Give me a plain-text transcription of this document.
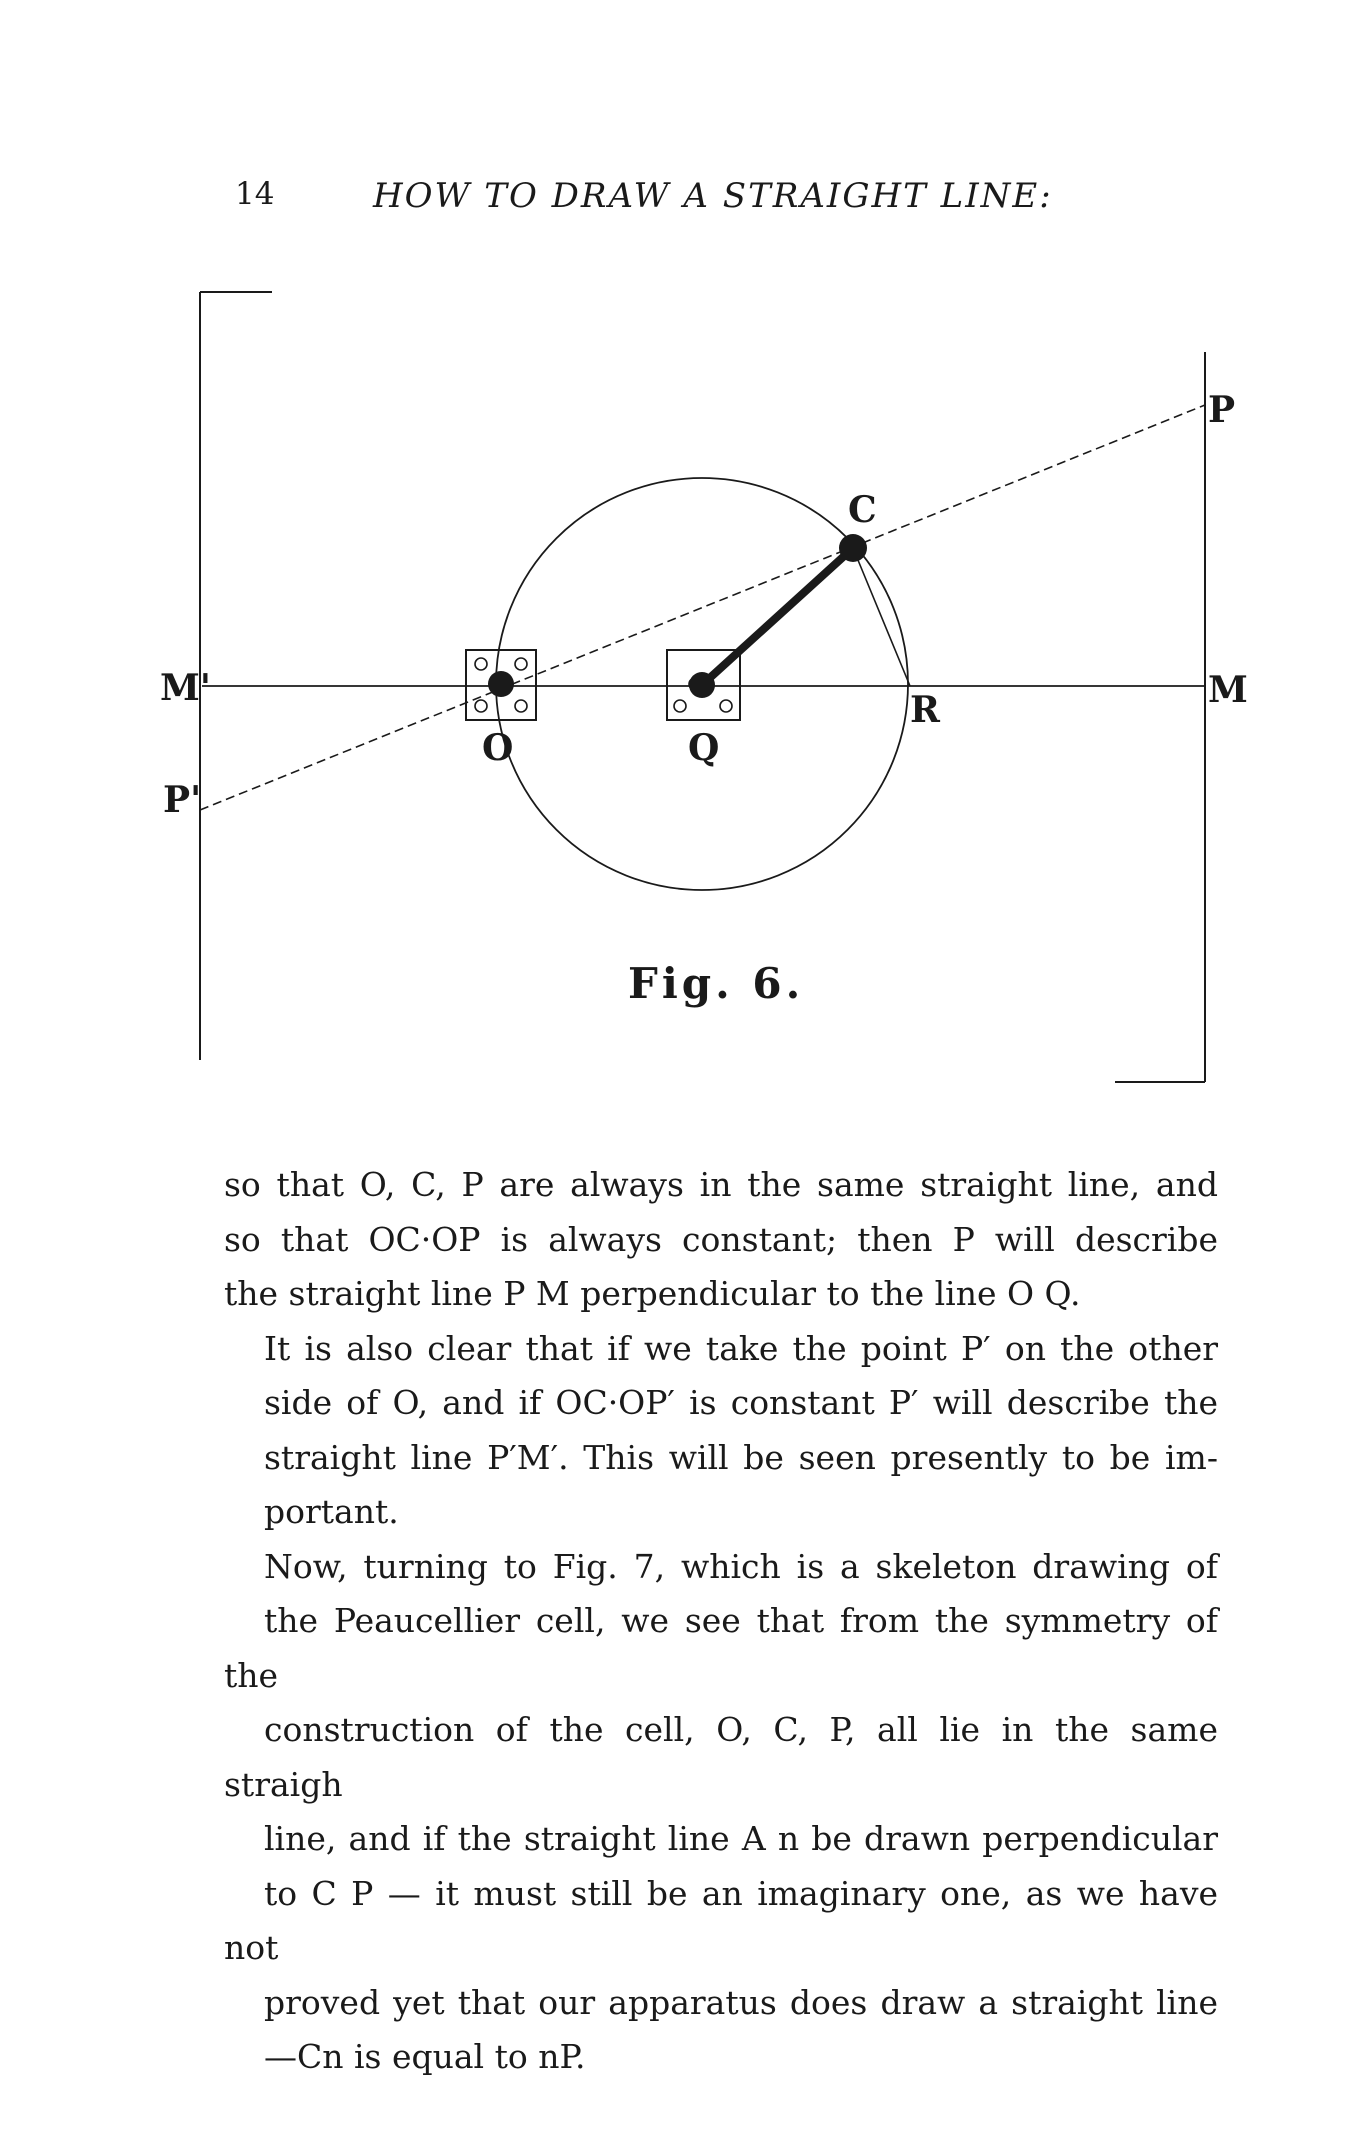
14	HOW TO DRAW A STRAIGHT LINE:
M'
P'
O	Q
C
R	M
P
Fig. 6.

so that O, C, P are always in the same straight line, and
so that OC·OP is always constant; then P will describe
the straight line P M perpendicular to the line O Q.

It is also clear that if we take the point P′ on the other
side of O, and if OC·OP′ is constant P′ will describe the
straight line P′M′. This will be seen presently to be im-
portant.

Now, turning to Fig. 7, which is a skeleton drawing of
the Peaucellier cell, we see that from the symmetry of the
construction of the cell, O, C, P, all lie in the same straigh
line, and if the straight line A n be drawn perpendicular
to C P — it must still be an imaginary one, as we have not
proved yet that our apparatus does draw a straight line
—Cn is equal to nP.
